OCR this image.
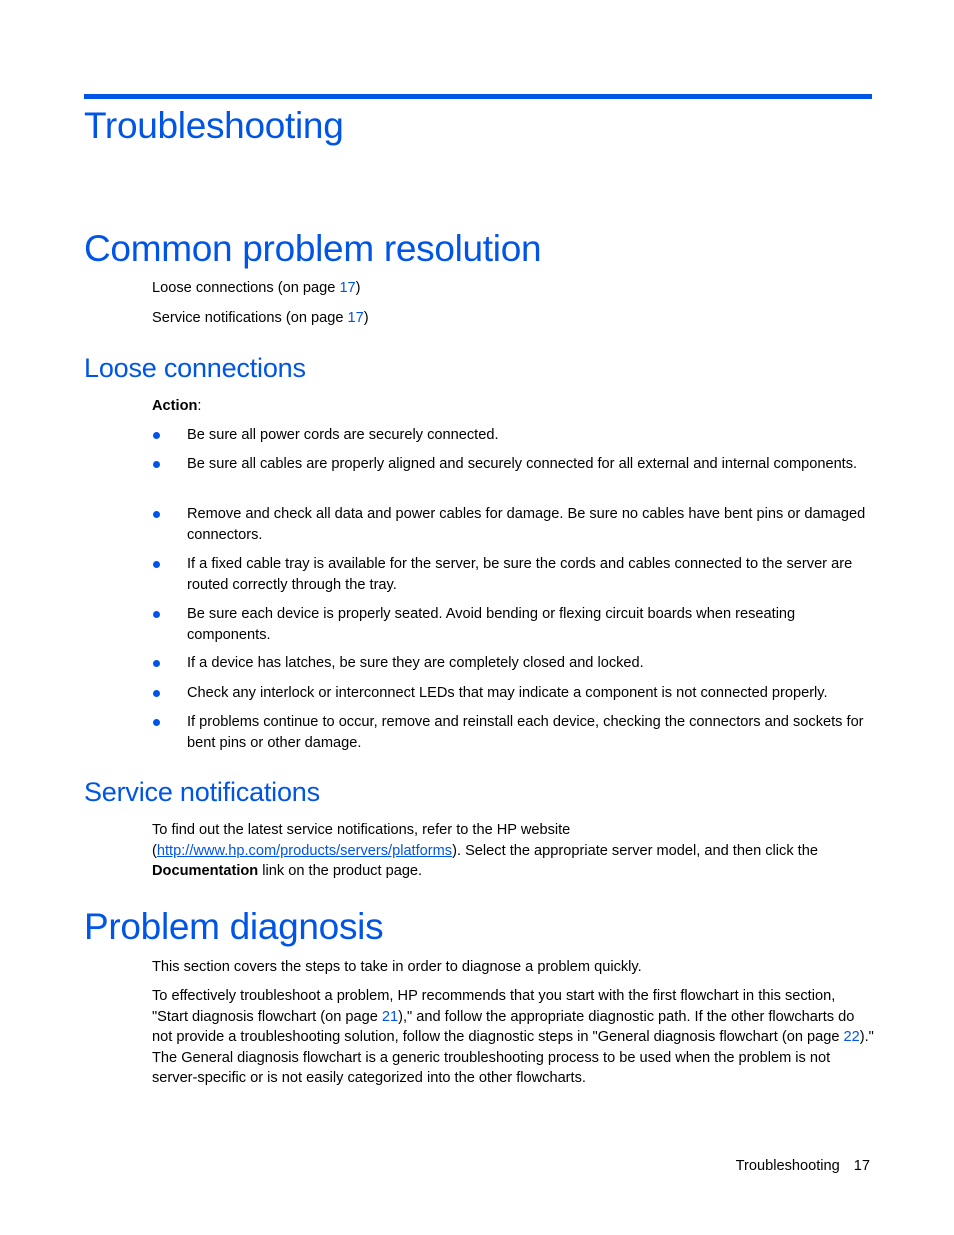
Troubleshooting
Common problem resolution

Loose connections (on page 17)

Service notifications (on page 17)

Loose connections

Action:

Be sure all power cords are securely connected.
Be sure all cables are properly aligned and securely connected for all external and internal components.
Remove and check all data and power cables for damage. Be sure no cables have bent pins or damaged connectors.
If a fixed cable tray is available for the server, be sure the cords and cables connected to the server are routed correctly through the tray.
Be sure each device is properly seated. Avoid bending or flexing circuit boards when reseating components.
If a device has latches, be sure they are completely closed and locked.
Check any interlock or interconnect LEDs that may indicate a component is not connected properly.
If problems continue to occur, remove and reinstall each device, checking the connectors and sockets for bent pins or other damage.
Service notifications

To find out the latest service notifications, refer to the HP website (http://www.hp.com/products/servers/platforms). Select the appropriate server model, and then click the Documentation link on the product page.

Problem diagnosis

This section covers the steps to take in order to diagnose a problem quickly.

To effectively troubleshoot a problem, HP recommends that you start with the first flowchart in this section, "Start diagnosis flowchart (on page 21)," and follow the appropriate diagnostic path. If the other flowcharts do not provide a troubleshooting solution, follow the diagnostic steps in "General diagnosis flowchart (on page 22)." The General diagnosis flowchart is a generic troubleshooting process to be used when the problem is not server-specific or is not easily categorized into the other flowcharts.

Troubleshooting 17
